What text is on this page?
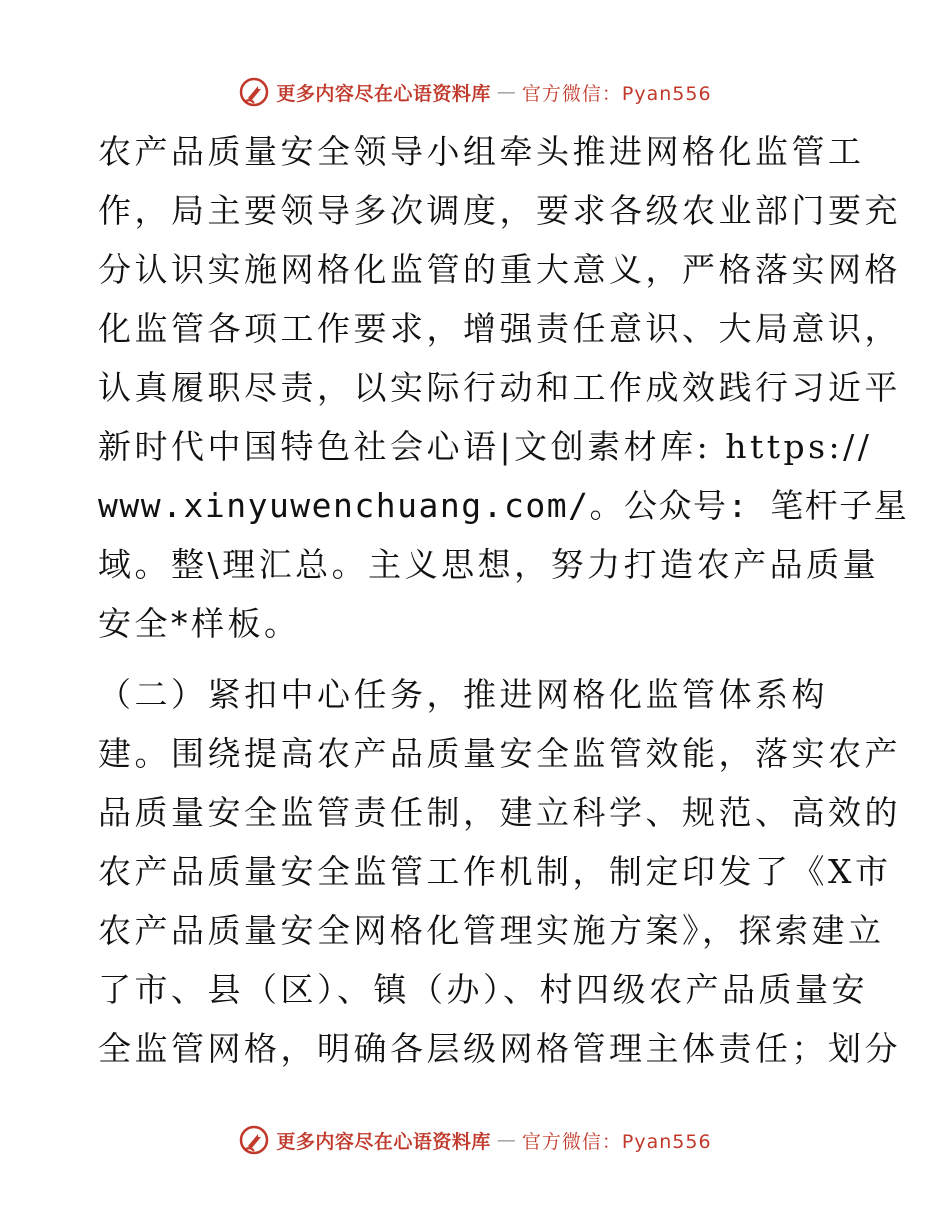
更多内容尽在心语资料库 — 官方微信：Pyan556

农产品质量安全领导小组牵头推进网格化监管工
作，局主要领导多次调度，要求各级农业部门要充
分认识实施网格化监管的重大意义，严格落实网格
化监管各项工作要求，增强责任意识、大局意识，
认真履职尽责，以实际行动和工作成效践行习近平
新时代中国特色社会心语|文创素材库: https://
www.xinyuwenchuang.com/。公众号: 笔杆子星
域。整\理汇总。主义思想，努力打造农产品质量
安全*样板。

（二）紧扣中心任务，推进网格化监管体系构
建。围绕提高农产品质量安全监管效能，落实农产
品质量安全监管责任制，建立科学、规范、高效的
农产品质量安全监管工作机制，制定印发了《X市
农产品质量安全网格化管理实施方案》，探索建立
了市、县（区）、镇（办）、村四级农产品质量安
全监管网格，明确各层级网格管理主体责任；划分

更多内容尽在心语资料库 — 官方微信：Pyan556
